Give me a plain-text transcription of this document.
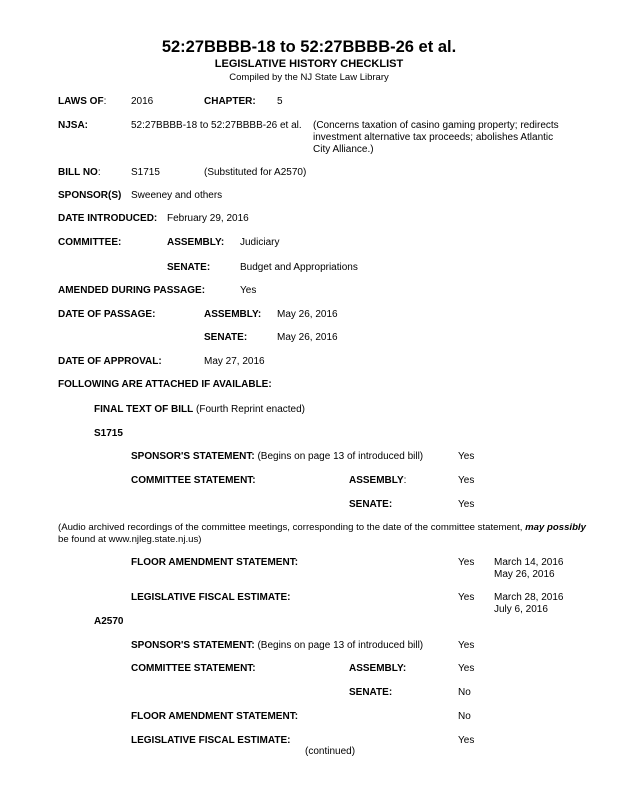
52:27BBBB-18 to 52:27BBBB-26 et al.
LEGISLATIVE HISTORY CHECKLIST
Compiled by the NJ State Law Library
LAWS OF: 2016	CHAPTER: 5
NJSA:	52:27BBBB-18 to 52:27BBBB-26 et al. (Concerns taxation of casino gaming property; redirects investment alternative tax proceeds; abolishes Atlantic City Alliance.)
BILL NO:	S1715	(Substituted for A2570)
SPONSOR(S) Sweeney and others
DATE INTRODUCED: February 29, 2016
COMMITTEE:	ASSEMBLY: Judiciary
SENATE:	Budget and Appropriations
AMENDED DURING PASSAGE:	Yes
DATE OF PASSAGE:	ASSEMBLY: May 26, 2016
SENATE:	May 26, 2016
DATE OF APPROVAL:	May 27, 2016
FOLLOWING ARE ATTACHED IF AVAILABLE:
FINAL TEXT OF BILL (Fourth Reprint enacted)
S1715
SPONSOR'S STATEMENT: (Begins on page 13 of introduced bill)	Yes
COMMITTEE STATEMENT:	ASSEMBLY:	Yes
SENATE:	Yes
(Audio archived recordings of the committee meetings, corresponding to the date of the committee statement, may possibly
be found at www.njleg.state.nj.us)
FLOOR AMENDMENT STATEMENT:	Yes March 14, 2016
May 26, 2016
LEGISLATIVE FISCAL ESTIMATE:	Yes March 28, 2016
July 6, 2016
A2570
SPONSOR'S STATEMENT: (Begins on page 13 of introduced bill)	Yes
COMMITTEE STATEMENT:	ASSEMBLY:	Yes
SENATE:	No
FLOOR AMENDMENT STATEMENT:	No
LEGISLATIVE FISCAL ESTIMATE:	Yes
(continued)
